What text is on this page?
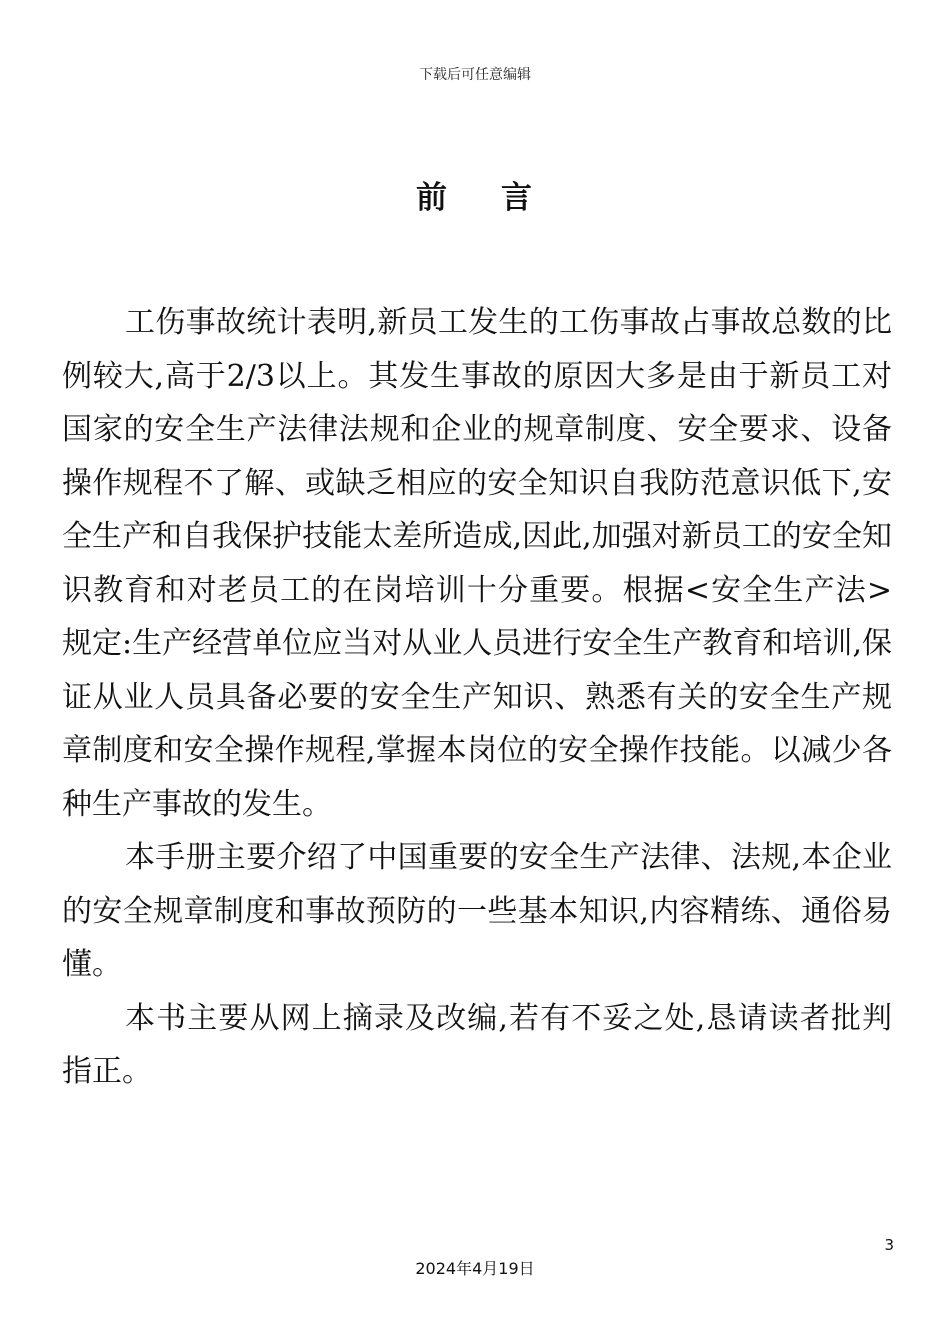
下载后可任意编辑
前 言

工伤事故统计表明,新员工发生的工伤事故占事故总数的比例较大,高于2/3以上。其发生事故的原因大多是由于新员工对国家的安全生产法律法规和企业的规章制度、安全要求、设备操作规程不了解、或缺乏相应的安全知识自我防范意识低下,安全生产和自我保护技能太差所造成,因此,加强对新员工的安全知识教育和对老员工的在岗培训十分重要。根据<安全生产法>规定:生产经营单位应当对从业人员进行安全生产教育和培训,保证从业人员具备必要的安全生产知识、熟悉有关的安全生产规章制度和安全操作规程,掌握本岗位的安全操作技能。以减少各种生产事故的发生。

本手册主要介绍了中国重要的安全生产法律、法规,本企业的安全规章制度和事故预防的一些基本知识,内容精练、通俗易懂。

本书主要从网上摘录及改编,若有不妥之处,恳请读者批判指正。

3
2024年4月19日
